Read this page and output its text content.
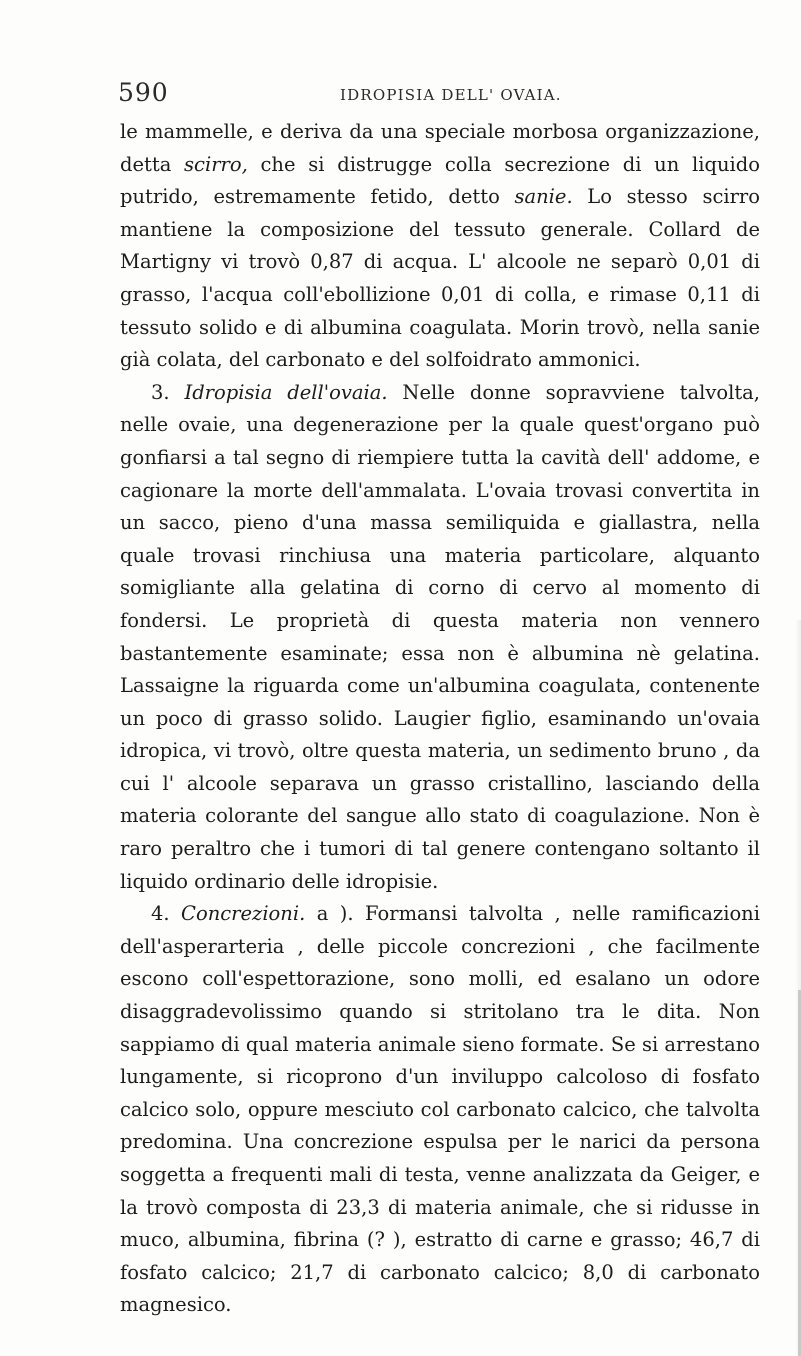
590	IDROPISIA DELL' OVAIA.

le mammelle, e deriva da una speciale morbosa organizzazione, detta scirro, che si distrugge colla secrezione di un liquido putrido, estremamente fetido, detto sanie. Lo stesso scirro mantiene la composizione del tessuto generale. Collard de Martigny vi trovò 0,87 di acqua. L' alcoole ne separò 0,01 di grasso, l'acqua coll'ebollizione 0,01 di colla, e rimase 0,11 di tessuto solido e di albumina coagulata. Morin trovò, nella sanie già colata, del carbonato e del solfoidrato ammonici.

3. Idropisia dell'ovaia. Nelle donne sopravviene talvolta, nelle ovaie, una degenerazione per la quale quest'organo può gonfiarsi a tal segno di riempiere tutta la cavità dell' addome, e cagionare la morte dell'ammalata. L'ovaia trovasi convertita in un sacco, pieno d'una massa semiliquida e giallastra, nella quale trovasi rinchiusa una materia particolare, alquanto somigliante alla gelatina di corno di cervo al momento di fondersi. Le proprietà di questa materia non vennero bastantemente esaminate; essa non è albumina nè gelatina. Lassaigne la riguarda come un'albumina coagulata, contenente un poco di grasso solido. Laugier figlio, esaminando un'ovaia idropica, vi trovò, oltre questa materia, un sedimento bruno , da cui l' alcoole separava un grasso cristallino, lasciando della materia colorante del sangue allo stato di coagulazione. Non è raro peraltro che i tumori di tal genere contengano soltanto il liquido ordinario delle idropisie.

4. Concrezioni. a ). Formansi talvolta , nelle ramificazioni dell'asperarteria , delle piccole concrezioni , che facilmente escono coll'espettorazione, sono molli, ed esalano un odore disaggradevolissimo quando si stritolano tra le dita. Non sappiamo di qual materia animale sieno formate. Se si arrestano lungamente, si ricoprono d'un inviluppo calcoloso di fosfato calcico solo, oppure mesciuto col carbonato calcico, che talvolta predomina. Una concrezione espulsa per le narici da persona soggetta a frequenti mali di testa, venne analizzata da Geiger, e la trovò composta di 23,3 di materia animale, che si ridusse in muco, albumina, fibrina (? ), estratto di carne e grasso; 46,7 di fosfato calcico; 21,7 di carbonato calcico; 8,0 di carbonato magnesico.
